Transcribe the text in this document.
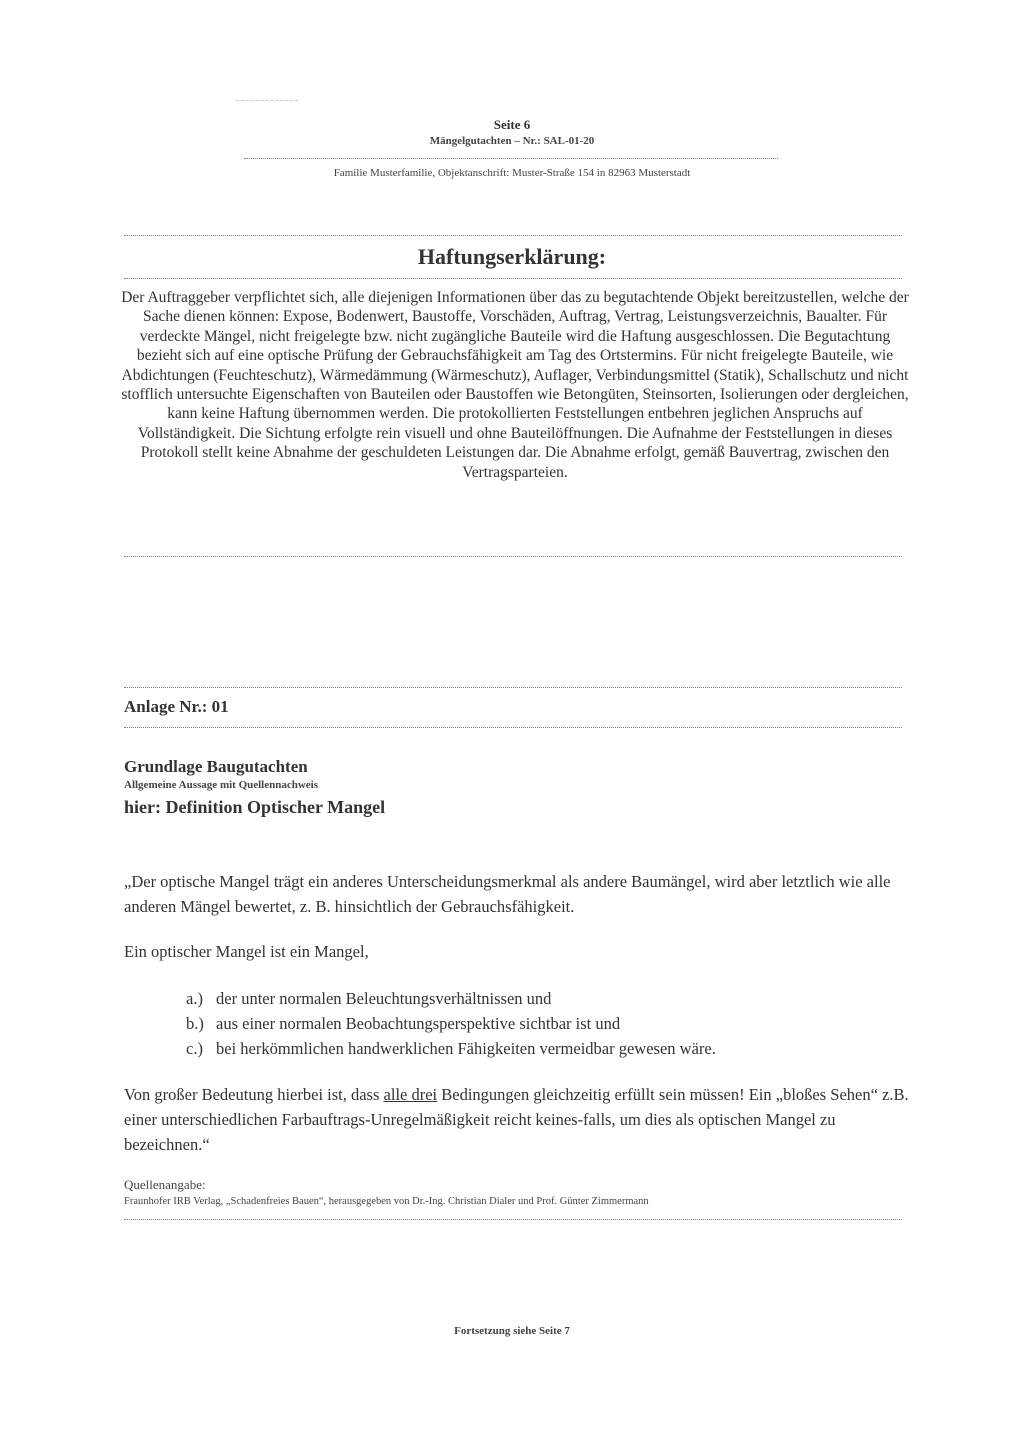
Seite 6
Mängelgutachten – Nr.: SAL-01-20
Familie Musterfamilie, Objektanschrift: Muster-Straße 154 in 82963 Musterstadt
Haftungserklärung:
Der Auftraggeber verpflichtet sich, alle diejenigen Informationen über das zu begutachtende Objekt bereitzustellen, welche der Sache dienen können: Expose, Bodenwert, Baustoffe, Vorschäden, Auftrag, Vertrag, Leistungsverzeichnis, Baualter. Für verdeckte Mängel, nicht freigelegte bzw. nicht zugängliche Bauteile wird die Haftung ausgeschlossen. Die Begutachtung bezieht sich auf eine optische Prüfung der Gebrauchsfähigkeit am Tag des Ortstermins. Für nicht freigelegte Bauteile, wie Abdichtungen (Feuchteschutz), Wärmedämmung (Wärmeschutz), Auflager, Verbindungsmittel (Statik), Schallschutz und nicht stofflich untersuchte Eigenschaften von Bauteilen oder Baustoffen wie Betongüten, Steinsorten, Isolierungen oder dergleichen, kann keine Haftung übernommen werden. Die protokollierten Feststellungen entbehren jeglichen Anspruchs auf Vollständigkeit. Die Sichtung erfolgte rein visuell und ohne Bauteilöffnungen. Die Aufnahme der Feststellungen in dieses Protokoll stellt keine Abnahme der geschuldeten Leistungen dar. Die Abnahme erfolgt, gemäß Bauvertrag, zwischen den Vertragsparteien.
Anlage Nr.: 01
Grundlage Baugutachten
Allgemeine Aussage mit Quellennachweis
hier: Definition Optischer Mangel
„Der optische Mangel trägt ein anderes Unterscheidungsmerkmal als andere Baumängel, wird aber letztlich wie alle anderen Mängel bewertet, z. B. hinsichtlich der Gebrauchsfähigkeit.
Ein optischer Mangel ist ein Mangel,
a.) der unter normalen Beleuchtungsverhältnissen und
b.) aus einer normalen Beobachtungsperspektive sichtbar ist und
c.) bei herkömmlichen handwerklichen Fähigkeiten vermeidbar gewesen wäre.
Von großer Bedeutung hierbei ist, dass alle drei Bedingungen gleichzeitig erfüllt sein müssen! Ein „bloßes Sehen“ z.B. einer unterschiedlichen Farbauftrags-Unregelmäßigkeit reicht keines-falls, um dies als optischen Mangel zu bezeichnen.“
Quellenangabe:
Fraunhofer IRB Verlag, „Schadenfreies Bauen“, herausgegeben von Dr.-Ing. Christian Dialer und Prof. Günter Zimmermann
Fortsetzung siehe Seite 7
